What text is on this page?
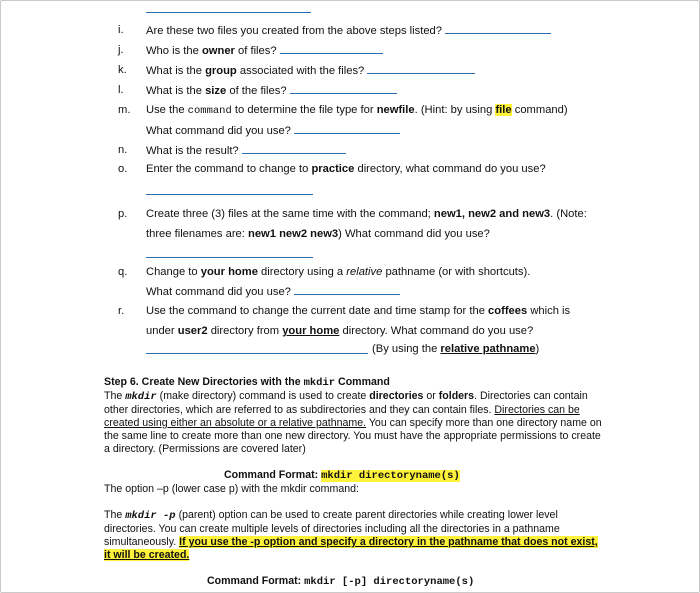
i. Are these two files you created from the above steps listed?
j. Who is the owner of files?
k. What is the group associated with the files?
l. What is the size of the files?
m. Use the command to determine the file type for newfile. (Hint: by using file command)
What command did you use?
n. What is the result?
o. Enter the command to change to practice directory, what command do you use?
p. Create three (3) files at the same time with the command; new1, new2 and new3. (Note:
three filenames are: new1 new2 new3) What command did you use?
q. Change to your home directory using a relative pathname (or with shortcuts).
What command did you use?
r. Use the command to change the current date and time stamp for the coffees which is
under user2 directory from your home directory. What command do you use?
(By using the relative pathname)

Step 6. Create New Directories with the mkdir Command

The mkdir (make directory) command is used to create directories or folders. Directories can contain other directories, which are referred to as subdirectories and they can contain files. Directories can be created using either an absolute or a relative pathname. You can specify more than one directory name on the same line to create more than one new directory. You must have the appropriate permissions to create a directory. (Permissions are covered later)

Command Format: mkdir directoryname(s)

The option –p (lower case p) with the mkdir command:

The mkdir -p (parent) option can be used to create parent directories while creating lower level directories. You can create multiple levels of directories including all the directories in a pathname simultaneously. If you use the -p option and specify a directory in the pathname that does not exist, it will be created.

Command Format: mkdir [-p] directoryname(s)
